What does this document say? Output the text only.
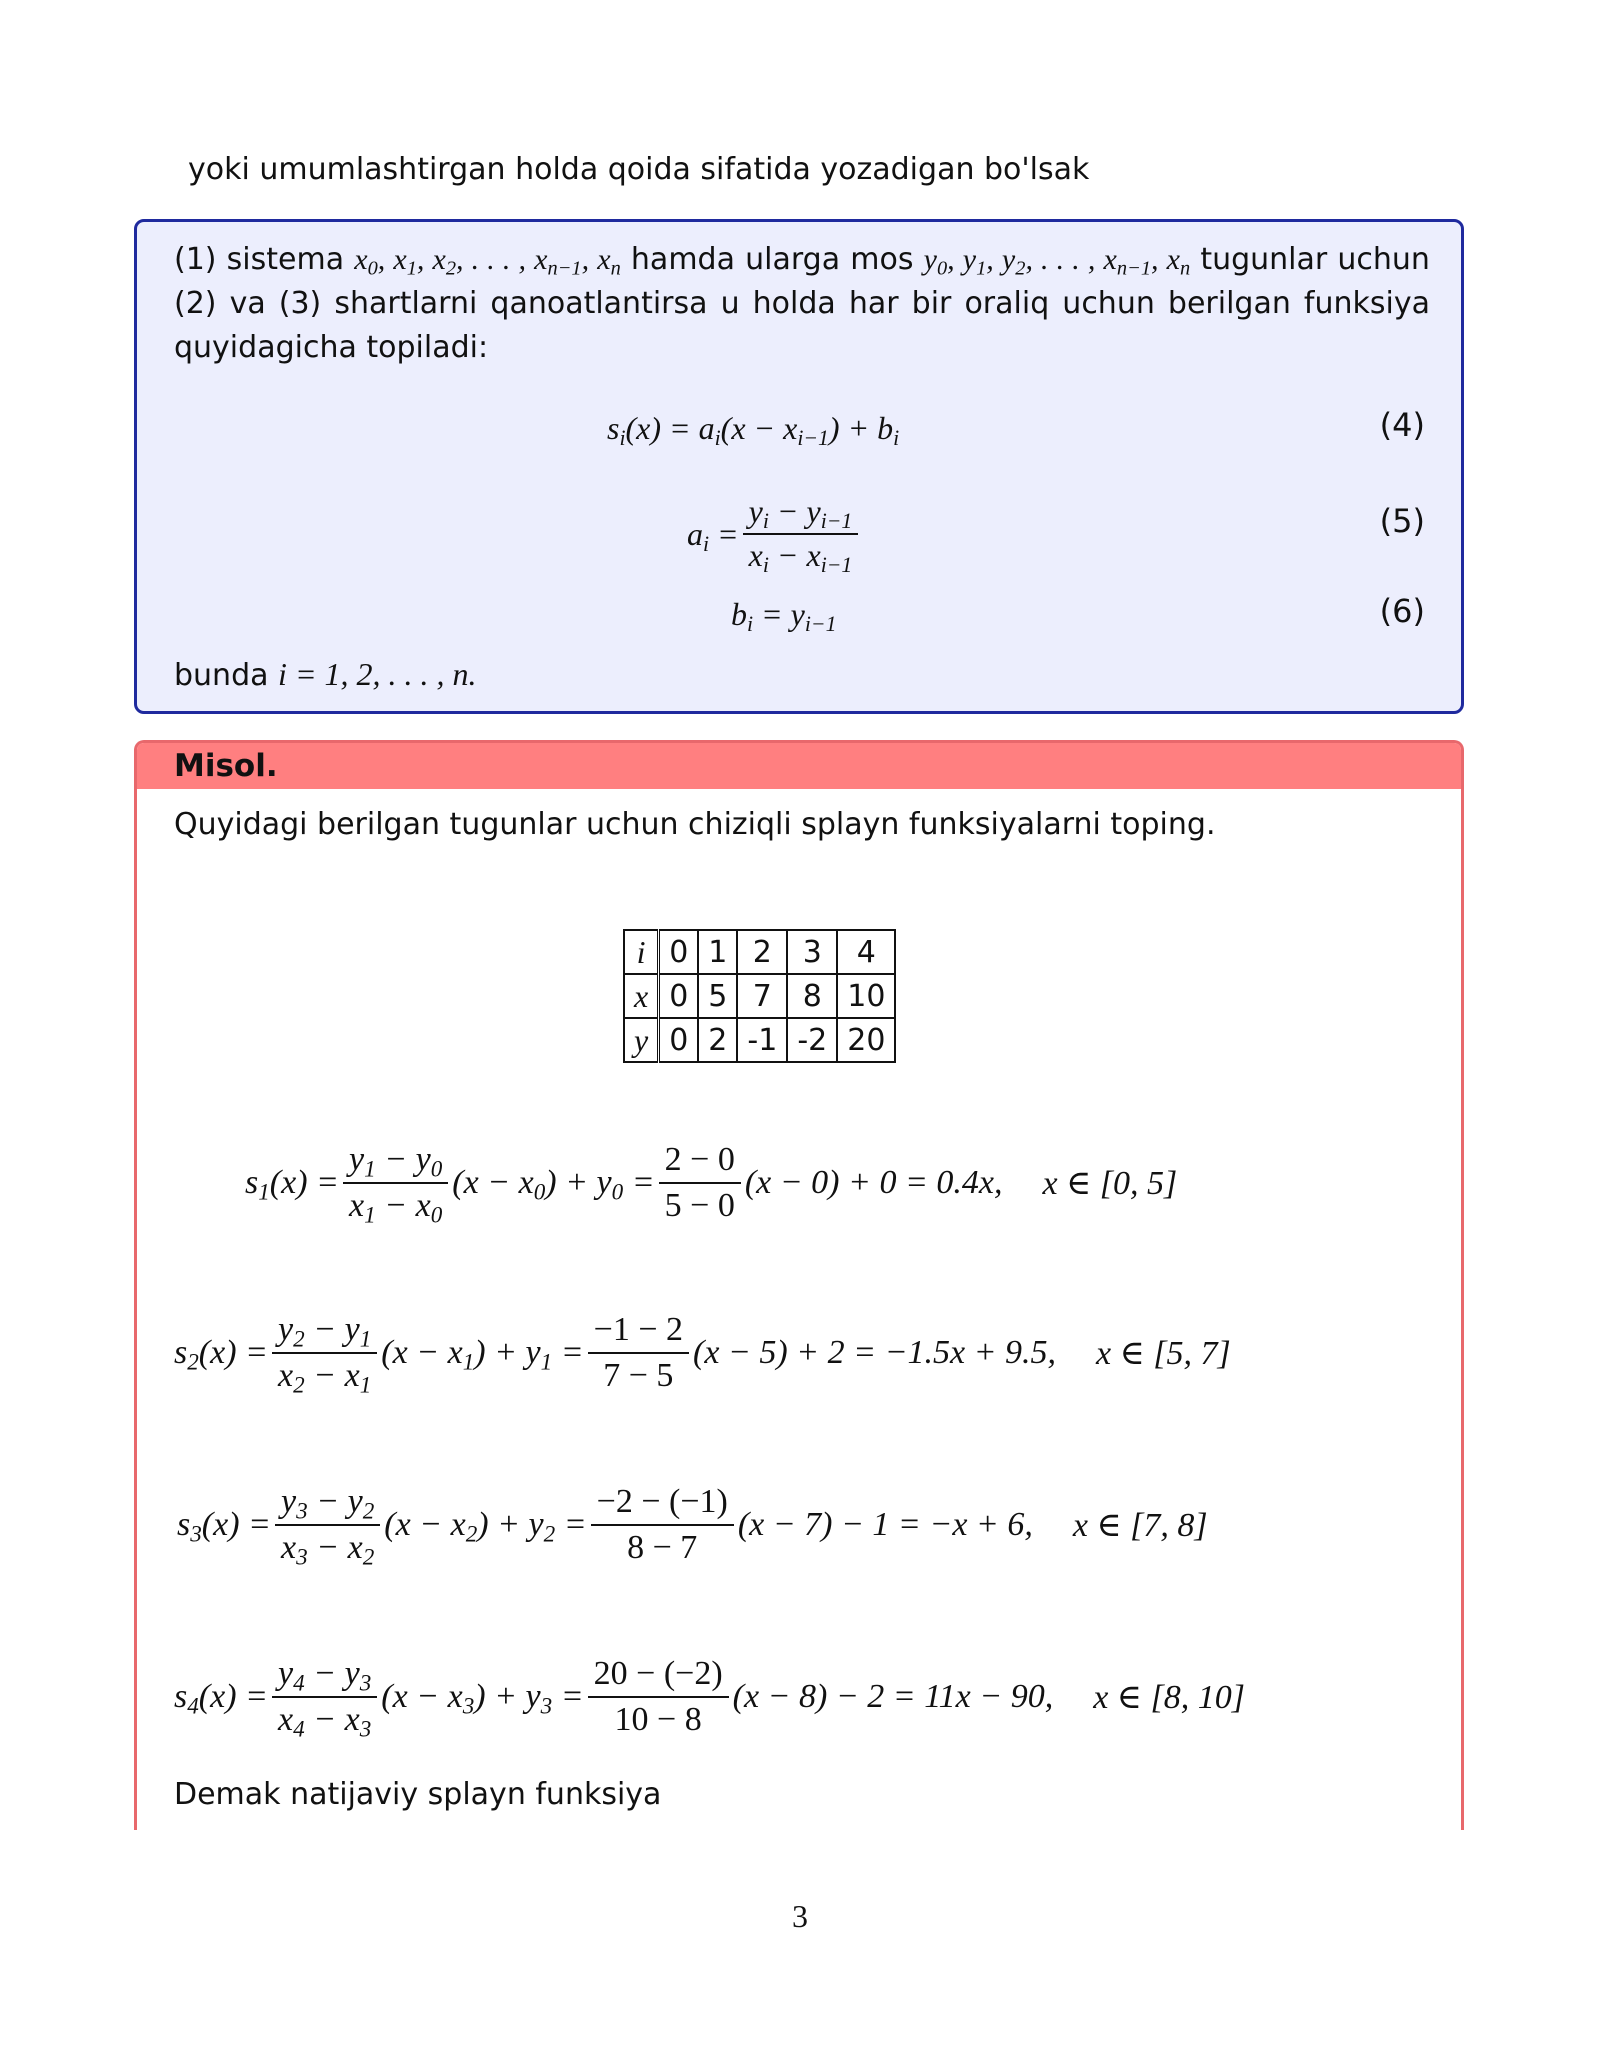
yoki umumlashtirgan holda qoida sifatida yozadigan bo'lsak
(1) sistema $x_0$, $x_1$, $x_2$, . . . , $x_{n-1}$, $x_n$ hamda ularga mos $y_0$, $y_1$, $y_2$, . . . , $x_{n-1}$, $x_n$ tugunlar uchun (2) va (3) shartlarni qanoatlantirsa u holda har bir oraliq uchun berilgan funksiya quyidagicha topiladi:
$s_i(x) = a_i(x - x_{i-1}) + b_i$	(4)
$a_i = \frac{y_i - y_{i-1}}{x_i - x_{i-1}}$	(5)
$b_i = y_{i-1}$	(6)
bunda i = 1, 2, . . . , n.
Misol.
Quyidagi berilgan tugunlar uchun chiziqli splayn funksiyalarni toping.
i	0	1	2	3	4
x	0	5	7	8	10
y	0	2	-1	-2	20
$s_1(x) = \frac{y_1 - y_0}{x_1 - x_0} (x - x_0) + y_0 = \frac{2 - 0}{5 - 0} (x - 0) + 0 = 0.4x$, x ∈ [0, 5]
$s_2(x) = \frac{y_2 - y_1}{x_2 - x_1} (x - x_1) + y_1 = \frac{-1 - 2}{7 - 5} (x - 5) + 2 = -1.5x + 9.5$, x ∈ [5, 7]
$s_3(x) = \frac{y_3 - y_2}{x_3 - x_2} (x - x_2) + y_2 = \frac{-2 - (-1)}{8 - 7} (x - 7) - 1 = -x + 6$, x ∈ [7, 8]
$s_4(x) = \frac{y_4 - y_3}{x_4 - x_3} (x - x_3) + y_3 = \frac{20 - (-2)}{10 - 8} (x - 8) - 2 = 11x - 90$, x ∈ [8, 10]
Demak natijaviy splayn funksiya
3
